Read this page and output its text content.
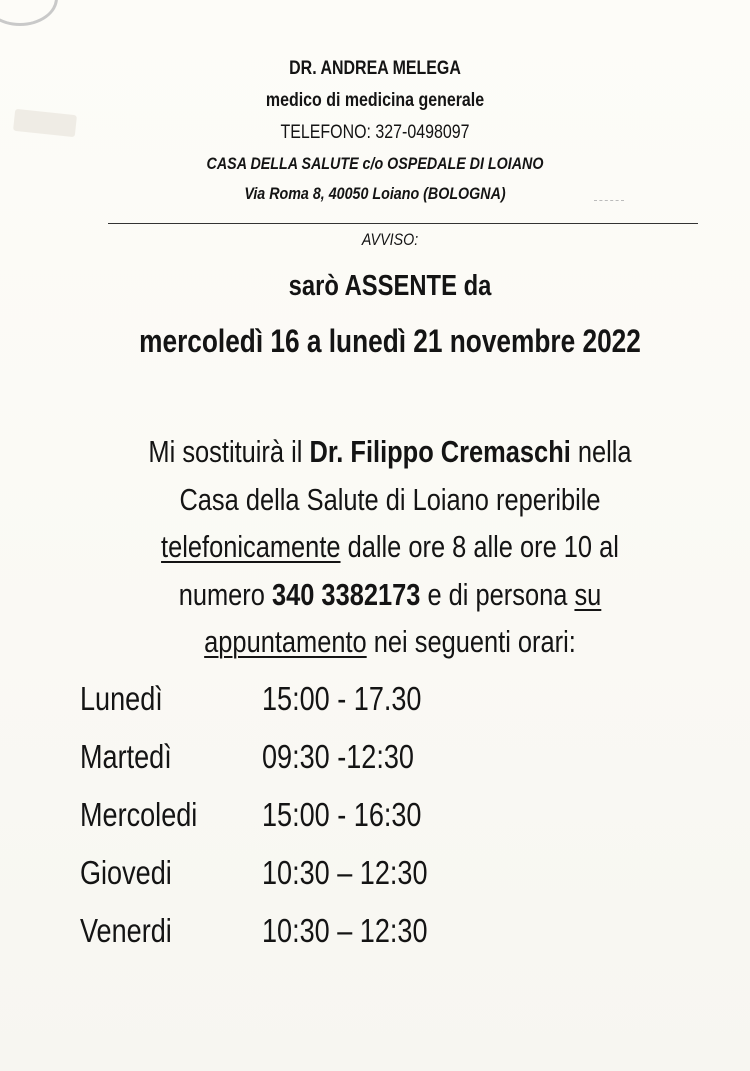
DR. ANDREA MELEGA
medico di medicina generale
TELEFONO: 327-0498097
CASA DELLA SALUTE c/o OSPEDALE DI LOIANO
Via Roma 8, 40050 Loiano (BOLOGNA)
AVVISO:
sarò ASSENTE da
mercoledì 16 a lunedì 21 novembre 2022
Mi sostituirà il Dr. Filippo Cremaschi nella
Casa della Salute di Loiano reperibile
telefonicamente dalle ore 8 alle ore 10 al
numero 340 3382173 e di persona su
appuntamento nei seguenti orari:
Lunedì	15:00 - 17.30
Martedì	09:30 -12:30
Mercoledi 15:00 - 16:30
Giovedi	10:30 – 12:30
Venerdi	10:30 – 12:30
